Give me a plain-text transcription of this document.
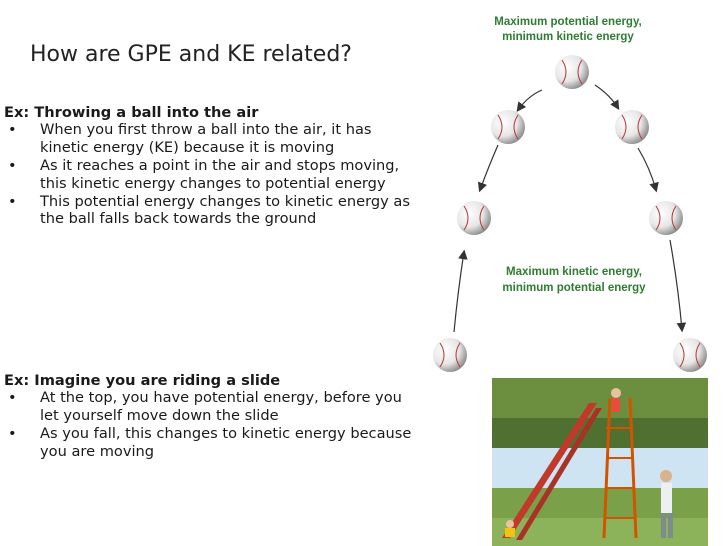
How are GPE and KE related?

Ex: Throwing a ball into the air

• When you first throw a ball into the air, it has kinetic energy (KE) because it is moving
• As it reaches a point in the air and stops moving, this kinetic energy changes to potential energy
• This potential energy changes to kinetic energy as the ball falls back towards the ground

Ex: Imagine you are riding a slide

• At the top, you have potential energy, before you let yourself move down the slide
• As you fall, this changes to kinetic energy because you are moving
Maximum potential energy,
minimum kinetic energy
Maximum kinetic energy,
minimum potential energy
